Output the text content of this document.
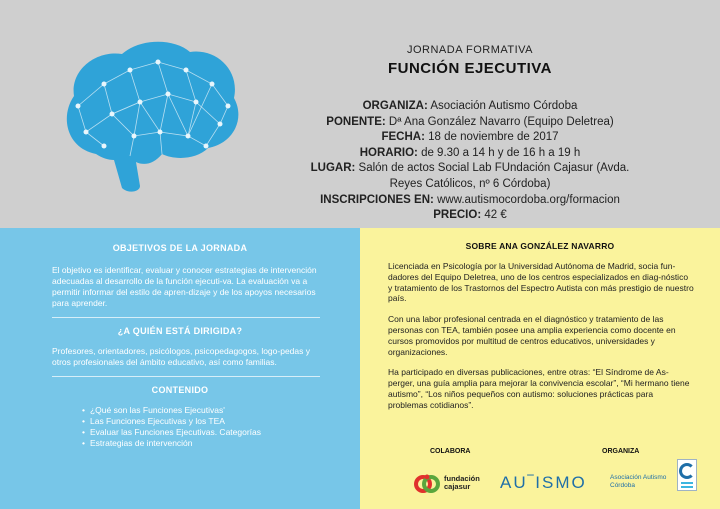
JORNADA FORMATIVA
FUNCIÓN EJECUTIVA
ORGANIZA: Asociación Autismo Córdoba
PONENTE: Dª Ana González Navarro (Equipo Deletrea)
FECHA: 18 de noviembre de 2017
HORARIO: de 9.30 a 14 h y de 16 h a 19 h
LUGAR: Salón de actos Social Lab FUndación Cajasur (Avda.
Reyes Católicos, nº 6 Córdoba)
INSCRIPCIONES EN: www.autismocordoba.org/formacion
PRECIO: 42 €
OBJETIVOS DE LA JORNADA
El objetivo es identificar, evaluar y conocer estrategias de intervención adecuadas al desarrollo de la función ejecuti-va. La evaluación va a permitir informar del estilo de apren-dizaje y de los apoyos necesarios para aprender.
¿A QUIÉN ESTÁ DIRIGIDA?
Profesores, orientadores, psicólogos, psicopedagogos, logo-pedas y otros profesionales del ámbito educativo, así como familias.
CONTENIDO
• ¿Qué son las Funciones Ejecutivas'
• Las Funciones Ejecutivas y los TEA
• Evaluar las Funciones Ejecutivas. Categorías
• Estrategias de intervención
SOBRE ANA GONZÁLEZ NAVARRO

Licenciada en Psicología por la Universidad Autónoma de Madrid, socia fun-dadores del Equipo Deletrea, uno de los centros especializados en diag-nóstico y tratamiento de los Trastornos del Espectro Autista con más prestigio de nuestro país.

Con una labor profesional centrada en el diagnóstico y tratamiento de las personas con TEA, también posee una amplia experiencia como docente en cursos promovidos por multitud de centros educativos, universidades y organizaciones.

Ha participado en diversas publicaciones, entre otras: “El Síndrome de As-perger, una guía amplia para mejorar la convivencia escolar”, “Mi hermano tiene autismo”, “Los niños pequeños con autismo: soluciones prácticas para problemas cotidianos”.

COLABORA	ORGANIZA
fundación
cajasur	AU‾ISMO	Asociación Autismo
Córdoba
